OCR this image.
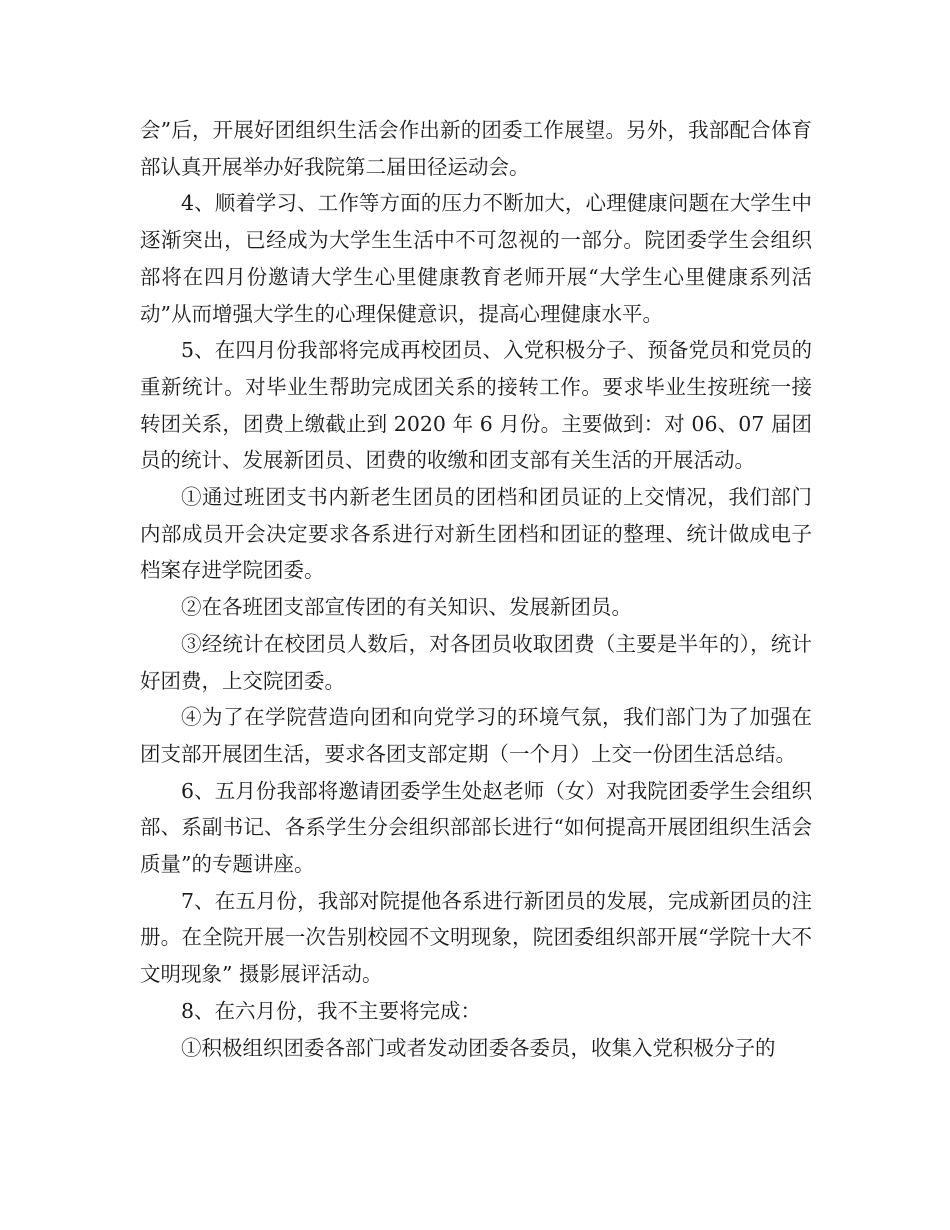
会”后，开展好团组织生活会作出新的团委工作展望。另外，我部配合体育部认真开展举办好我院第二届田径运动会。

4、顺着学习、工作等方面的压力不断加大，心理健康问题在大学生中逐渐突出，已经成为大学生生活中不可忽视的一部分。院团委学生会组织部将在四月份邀请大学生心里健康教育老师开展“大学生心里健康系列活动”从而增强大学生的心理保健意识，提高心理健康水平。

5、在四月份我部将完成再校团员、入党积极分子、预备党员和党员的重新统计。对毕业生帮助完成团关系的接转工作。要求毕业生按班统一接转团关系，团费上缴截止到 2020 年 6 月份。主要做到：对 06、07 届团员的统计、发展新团员、团费的收缴和团支部有关生活的开展活动。

①通过班团支书内新老生团员的团档和团员证的上交情况，我们部门内部成员开会决定要求各系进行对新生团档和团证的整理、统计做成电子档案存进学院团委。

②在各班团支部宣传团的有关知识、发展新团员。

③经统计在校团员人数后，对各团员收取团费（主要是半年的），统计好团费，上交院团委。

④为了在学院营造向团和向党学习的环境气氛，我们部门为了加强在团支部开展团生活，要求各团支部定期（一个月）上交一份团生活总结。

6、五月份我部将邀请团委学生处赵老师（女）对我院团委学生会组织部、系副书记、各系学生分会组织部部长进行“如何提高开展团组织生活会质量”的专题讲座。

7、在五月份，我部对院提他各系进行新团员的发展，完成新团员的注册。在全院开展一次告别校园不文明现象，院团委组织部开展“学院十大不文明现象” 摄影展评活动。

8、在六月份，我不主要将完成：

①积极组织团委各部门或者发动团委各委员，收集入党积极分子的
